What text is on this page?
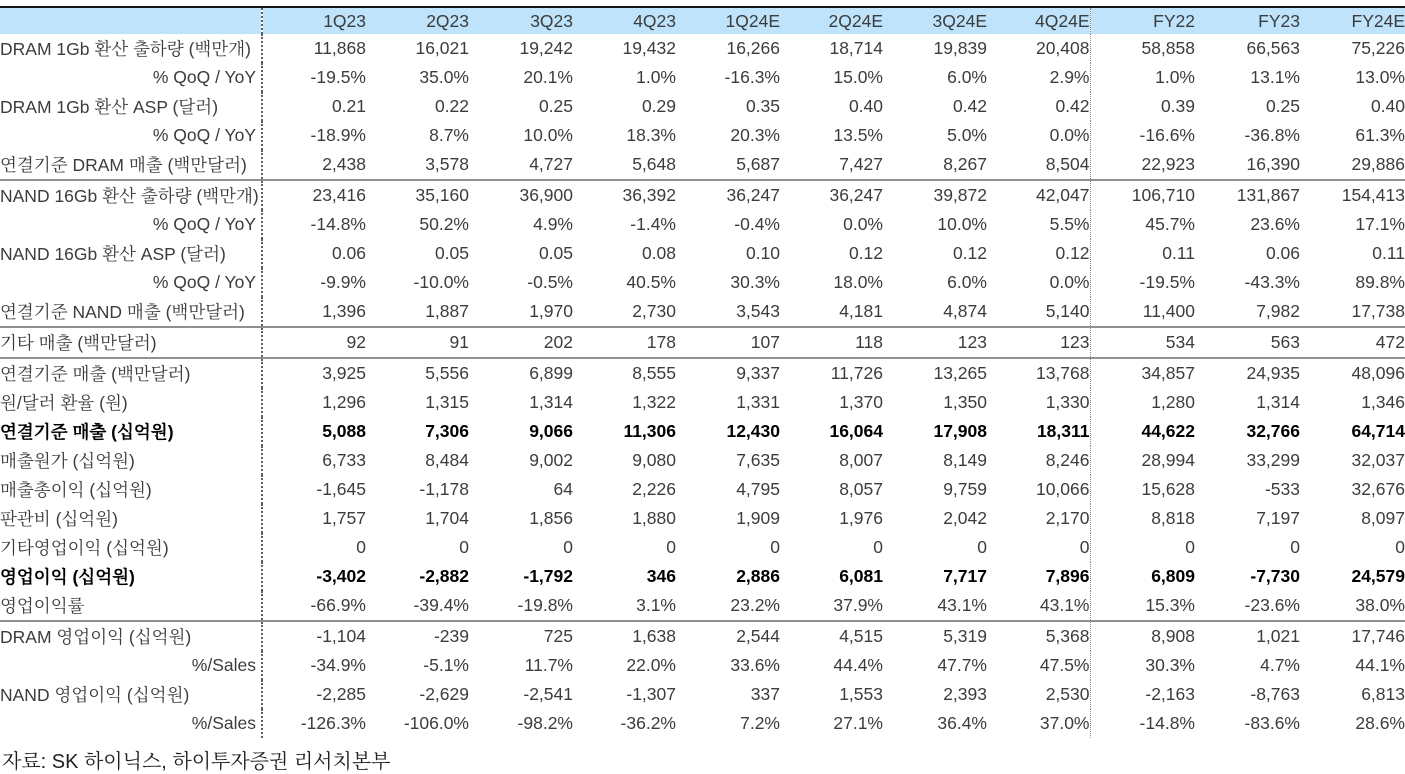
	1Q23	2Q23	3Q23	4Q23	1Q24E	2Q24E	3Q24E	4Q24E	FY22	FY23	FY24E
DRAM 1Gb 환산 출하량 (백만개)	11,868	16,021	19,242	19,432	16,266	18,714	19,839	20,408	58,858	66,563	75,226
% QoQ / YoY	-19.5%	35.0%	20.1%	1.0%	-16.3%	15.0%	6.0%	2.9%	1.0%	13.1%	13.0%
DRAM 1Gb 환산 ASP (달러)	0.21	0.22	0.25	0.29	0.35	0.40	0.42	0.42	0.39	0.25	0.40
% QoQ / YoY	-18.9%	8.7%	10.0%	18.3%	20.3%	13.5%	5.0%	0.0%	-16.6%	-36.8%	61.3%
연결기준 DRAM 매출 (백만달러)	2,438	3,578	4,727	5,648	5,687	7,427	8,267	8,504	22,923	16,390	29,886
NAND 16Gb 환산 출하량 (백만개)	23,416	35,160	36,900	36,392	36,247	36,247	39,872	42,047	106,710	131,867	154,413
% QoQ / YoY	-14.8%	50.2%	4.9%	-1.4%	-0.4%	0.0%	10.0%	5.5%	45.7%	23.6%	17.1%
NAND 16Gb 환산 ASP (달러)	0.06	0.05	0.05	0.08	0.10	0.12	0.12	0.12	0.11	0.06	0.11
% QoQ / YoY	-9.9%	-10.0%	-0.5%	40.5%	30.3%	18.0%	6.0%	0.0%	-19.5%	-43.3%	89.8%
연결기준 NAND 매출 (백만달러)	1,396	1,887	1,970	2,730	3,543	4,181	4,874	5,140	11,400	7,982	17,738
기타 매출 (백만달러)	92	91	202	178	107	118	123	123	534	563	472
연결기준 매출 (백만달러)	3,925	5,556	6,899	8,555	9,337	11,726	13,265	13,768	34,857	24,935	48,096
원/달러 환율 (원)	1,296	1,315	1,314	1,322	1,331	1,370	1,350	1,330	1,280	1,314	1,346
연결기준 매출 (십억원)	5,088	7,306	9,066	11,306	12,430	16,064	17,908	18,311	44,622	32,766	64,714
매출원가 (십억원)	6,733	8,484	9,002	9,080	7,635	8,007	8,149	8,246	28,994	33,299	32,037
매출총이익 (십억원)	-1,645	-1,178	64	2,226	4,795	8,057	9,759	10,066	15,628	-533	32,676
판관비 (십억원)	1,757	1,704	1,856	1,880	1,909	1,976	2,042	2,170	8,818	7,197	8,097
기타영업이익 (십억원)	0	0	0	0	0	0	0	0	0	0	0
영업이익 (십억원)	-3,402	-2,882	-1,792	346	2,886	6,081	7,717	7,896	6,809	-7,730	24,579
영업이익률	-66.9%	-39.4%	-19.8%	3.1%	23.2%	37.9%	43.1%	43.1%	15.3%	-23.6%	38.0%
DRAM 영업이익 (십억원)	-1,104	-239	725	1,638	2,544	4,515	5,319	5,368	8,908	1,021	17,746
%/Sales	-34.9%	-5.1%	11.7%	22.0%	33.6%	44.4%	47.7%	47.5%	30.3%	4.7%	44.1%
NAND 영업이익 (십억원)	-2,285	-2,629	-2,541	-1,307	337	1,553	2,393	2,530	-2,163	-8,763	6,813
%/Sales	-126.3%	-106.0%	-98.2%	-36.2%	7.2%	27.1%	36.4%	37.0%	-14.8%	-83.6%	28.6%
자료: SK 하이닉스, 하이투자증권 리서치본부
